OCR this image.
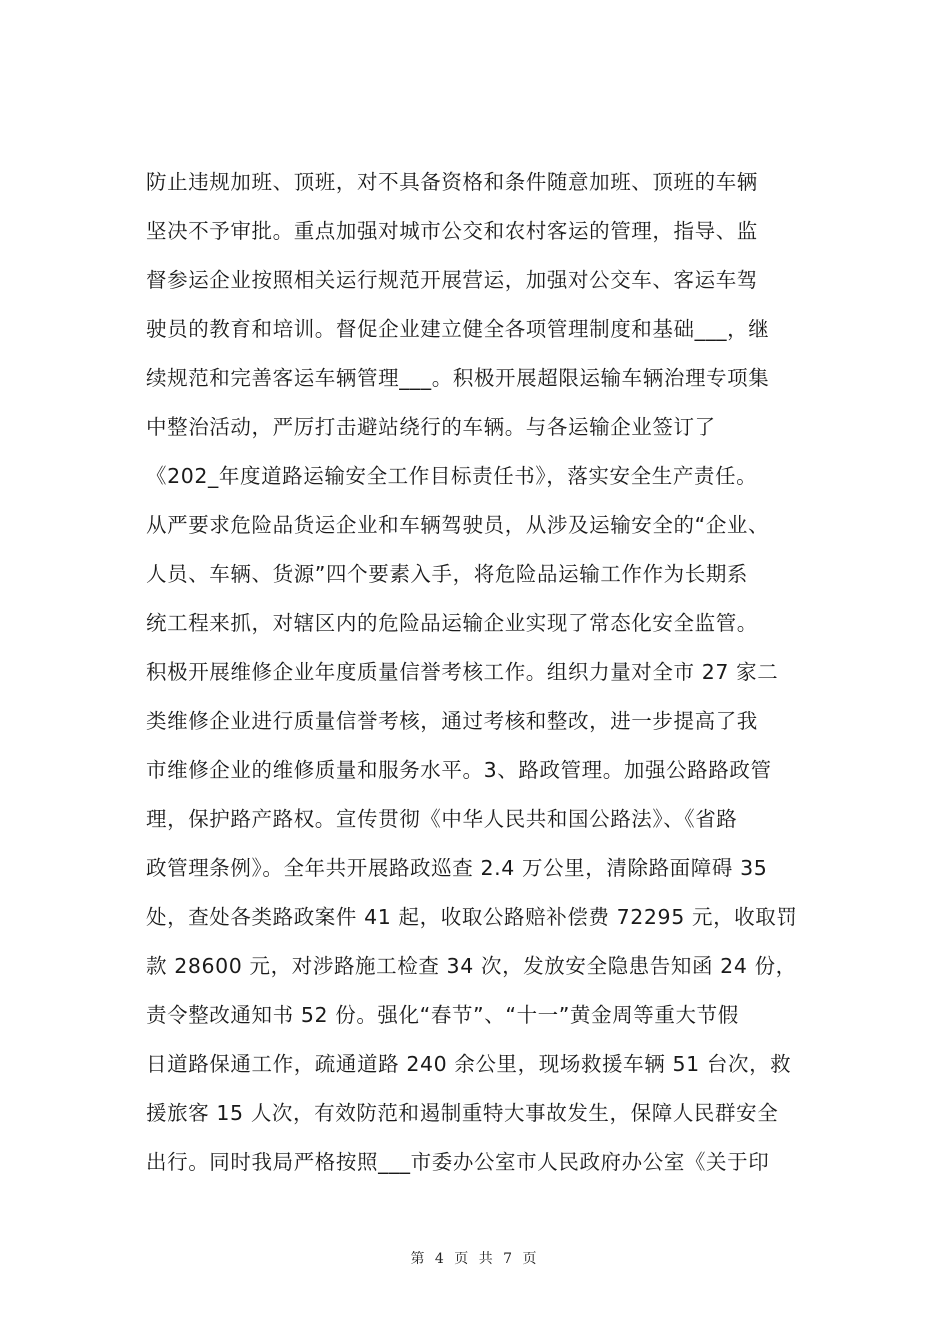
防止违规加班、顶班，对不具备资格和条件随意加班、顶班的车辆
坚决不予审批。重点加强对城市公交和农村客运的管理，指导、监
督参运企业按照相关运行规范开展营运，加强对公交车、客运车驾
驶员的教育和培训。督促企业建立健全各项管理制度和基础___，继
续规范和完善客运车辆管理___。积极开展超限运输车辆治理专项集
中整治活动，严厉打击避站绕行的车辆。与各运输企业签订了
《202_年度道路运输安全工作目标责任书》，落实安全生产责任。
从严要求危险品货运企业和车辆驾驶员，从涉及运输安全的“企业、
人员、车辆、货源”四个要素入手，将危险品运输工作作为长期系
统工程来抓，对辖区内的危险品运输企业实现了常态化安全监管。
积极开展维修企业年度质量信誉考核工作。组织力量对全市 27 家二
类维修企业进行质量信誉考核，通过考核和整改，进一步提高了我
市维修企业的维修质量和服务水平。3、路政管理。加强公路路政管
理，保护路产路权。宣传贯彻《中华人民共和国公路法》、《省路
政管理条例》。全年共开展路政巡查 2.4 万公里，清除路面障碍 35
处，查处各类路政案件 41 起，收取公路赔补偿费 72295 元，收取罚
款 28600 元，对涉路施工检查 34 次，发放安全隐患告知函 24 份，
责令整改通知书 52 份。强化“春节”、“十一”黄金周等重大节假
日道路保通工作，疏通道路 240 余公里，现场救援车辆 51 台次，救
援旅客 15 人次，有效防范和遏制重特大事故发生，保障人民群安全
出行。同时我局严格按照___市委办公室市人民政府办公室《关于印
第 4 页 共 7 页
